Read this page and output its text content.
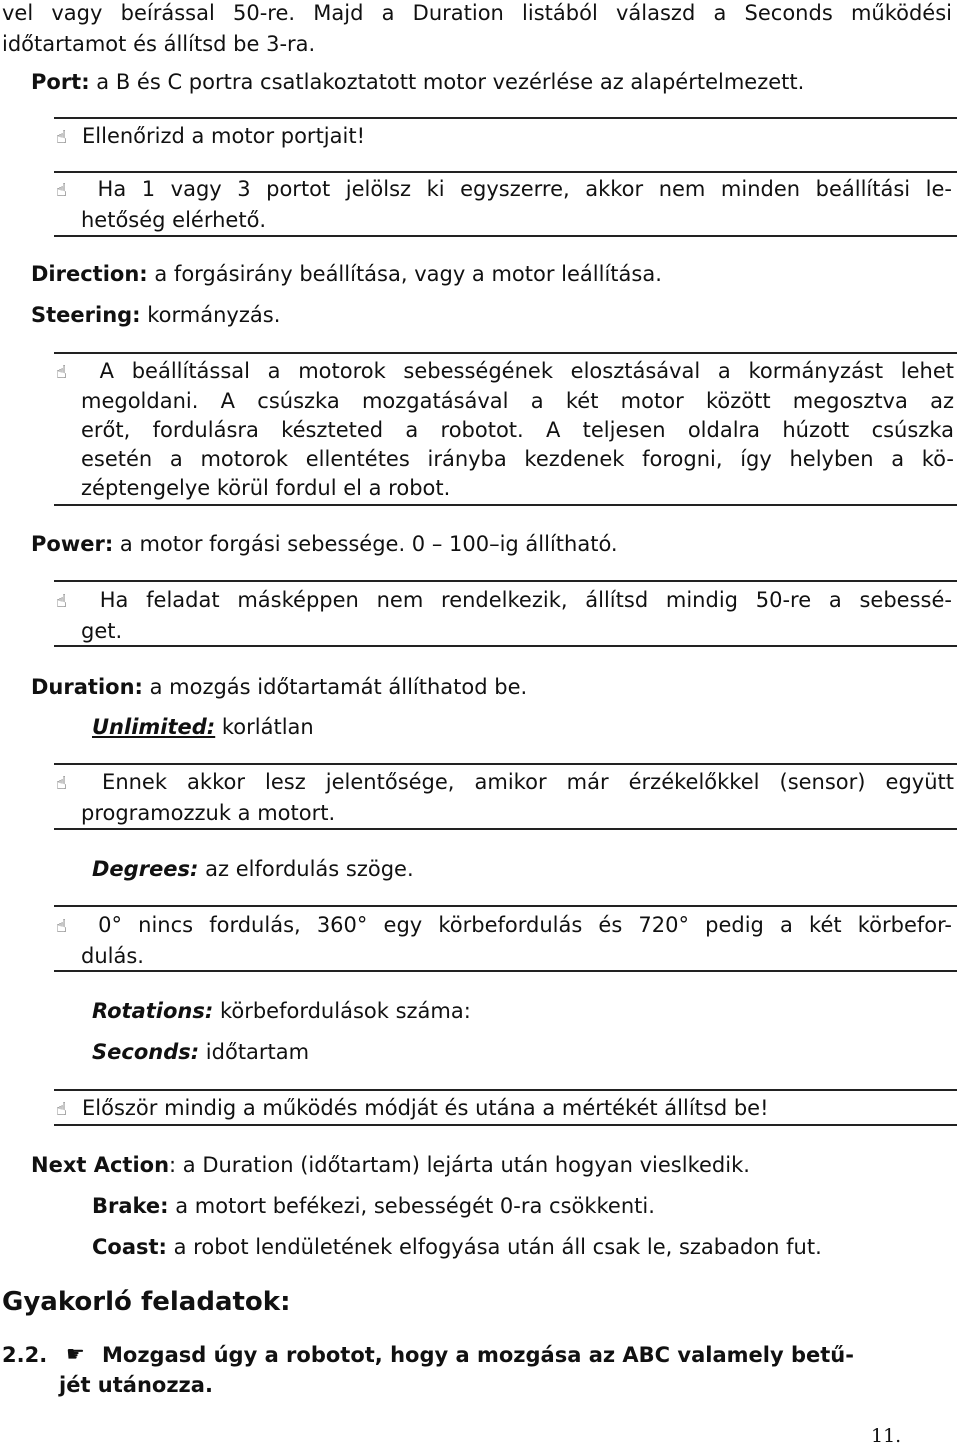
vel vagy beírással 50-re. Majd a Duration listából válaszd a Seconds működési
időtartamot és állítsd be 3-ra.
Port: a B és C portra csatlakoztatott motor vezérlése az alapértelmezett.
☝ Ellenőrizd a motor portjait!
☝ Ha 1 vagy 3 portot jelölsz ki egyszerre, akkor nem minden beállítási le-
hetőség elérhető.
Direction: a forgásirány beállítása, vagy a motor leállítása.
Steering: kormányzás.
☝ A beállítással a motorok sebességének elosztásával a kormányzást lehet
megoldani. A csúszka mozgatásával a két motor között megosztva az
erőt, fordulásra készteted a robotot. A teljesen oldalra húzott csúszka
esetén a motorok ellentétes irányba kezdenek forogni, így helyben a kö-
zéptengelye körül fordul el a robot.
Power: a motor forgási sebessége. 0 – 100–ig állítható.
☝ Ha feladat másképpen nem rendelkezik, állítsd mindig 50-re a sebessé-
get.
Duration: a mozgás időtartamát állíthatod be.
Unlimited: korlátlan
☝ Ennek akkor lesz jelentősége, amikor már érzékelőkkel (sensor) együtt
programozzuk a motort.
Degrees: az elfordulás szöge.
☝ 0° nincs fordulás, 360° egy körbefordulás és 720° pedig a két körbefor-
dulás.
Rotations: körbefordulások száma:
Seconds: időtartam
☝ Először mindig a működés módját és utána a mértékét állítsd be!
Next Action: a Duration (időtartam) lejárta után hogyan vieslkedik.
Brake: a motort befékezi, sebességét 0-ra csökkenti.
Coast: a robot lendületének elfogyása után áll csak le, szabadon fut.
Gyakorló feladatok:
2.2. ☛ Mozgasd úgy a robotot, hogy a mozgása az ABC valamely betű-
jét utánozza.
11.
